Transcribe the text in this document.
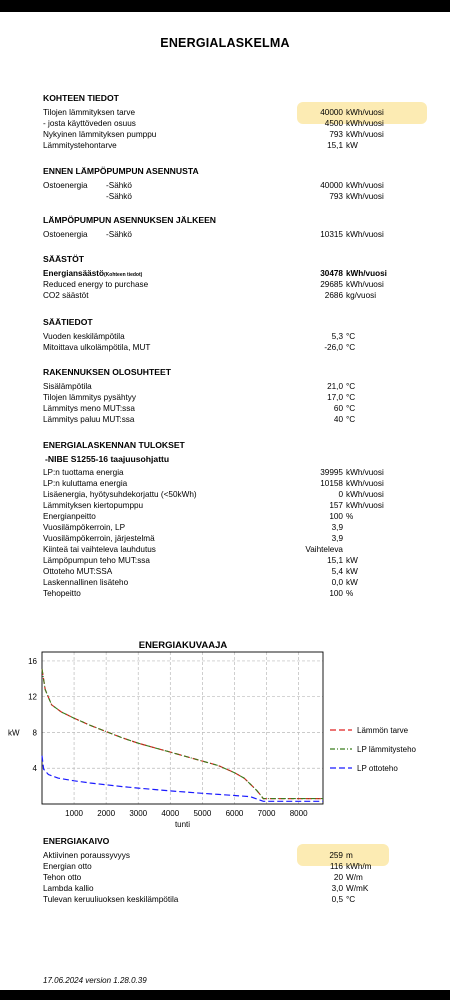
ENERGIALASKELMA
KOHTEEN TIEDOT
Tilojen lämmityksen tarve	40000 kWh/vuosi
- josta käyttöveden osuus	4500 kWh/vuosi
Nykyinen lämmityksen pumppu	793 kWh/vuosi
Lämmitystehontarve	15,1 kW
ENNEN LÄMPÖPUMPUN ASENNUSTA
Ostoenergia -Sähkö	40000 kWh/vuosi
-Sähkö	793 kWh/vuosi
LÄMPÖPUMPUN ASENNUKSEN JÄLKEEN
Ostoenergia -Sähkö	10315 kWh/vuosi
SÄÄSTÖT
Energiansäästö(Kohteen tiedot)	30478 kWh/vuosi
Reduced energy to purchase	29685 kWh/vuosi
CO2 säästöt	2686 kg/vuosi
SÄÄTIEDOT
Vuoden keskilämpötila	5,3 °C
Mitoittava ulkolämpötila, MUT	-26,0 °C
RAKENNUKSEN OLOSUHTEET
Sisälämpötila	21,0 °C
Tilojen lämmitys pysähtyy	17,0 °C
Lämmitys meno MUT:ssa	60 °C
Lämmitys paluu MUT:ssa	40 °C
ENERGIALASKENNAN TULOKSET
-NIBE S1255-16 taajuusohjattu
LP:n tuottama energia	39995 kWh/vuosi
LP:n kuluttama energia	10158 kWh/vuosi
Lisäenergia, hyötysuhdekorjattu (<50kWh)	0 kWh/vuosi
Lämmityksen kiertopumppu	157 kWh/vuosi
Energianpeitto	100 %
Vuosilämpökerroin, LP	3,9
Vuosilämpökerroin, järjestelmä	3,9
Kiinteä tai vaihteleva lauhdutus	Vaihteleva
Lämpöpumpun teho MUT:ssa	15,1 kW
Ottoteho MUT:SSA	5,4 kW
Laskennallinen lisäteho	0,0 kW
Tehopeitto	100 %
ENERGIAKAIVO
Aktiivinen poraussyvyys	259 m
Energian otto	116 kWh/m
Tehon otto	20 W/m
Lambda kallio	3,0 W/mK
Tulevan keruuliuoksen keskilämpötila	0,5 °C
ENERGIAKUVAAJA
1000 2000 3000 4000 5000 6000 7000 8000
4
8
12
16
tunti
kW	Lämmön tarve
LP lämmitysteho
LP ottoteho
17.06.2024 version 1.28.0.39
